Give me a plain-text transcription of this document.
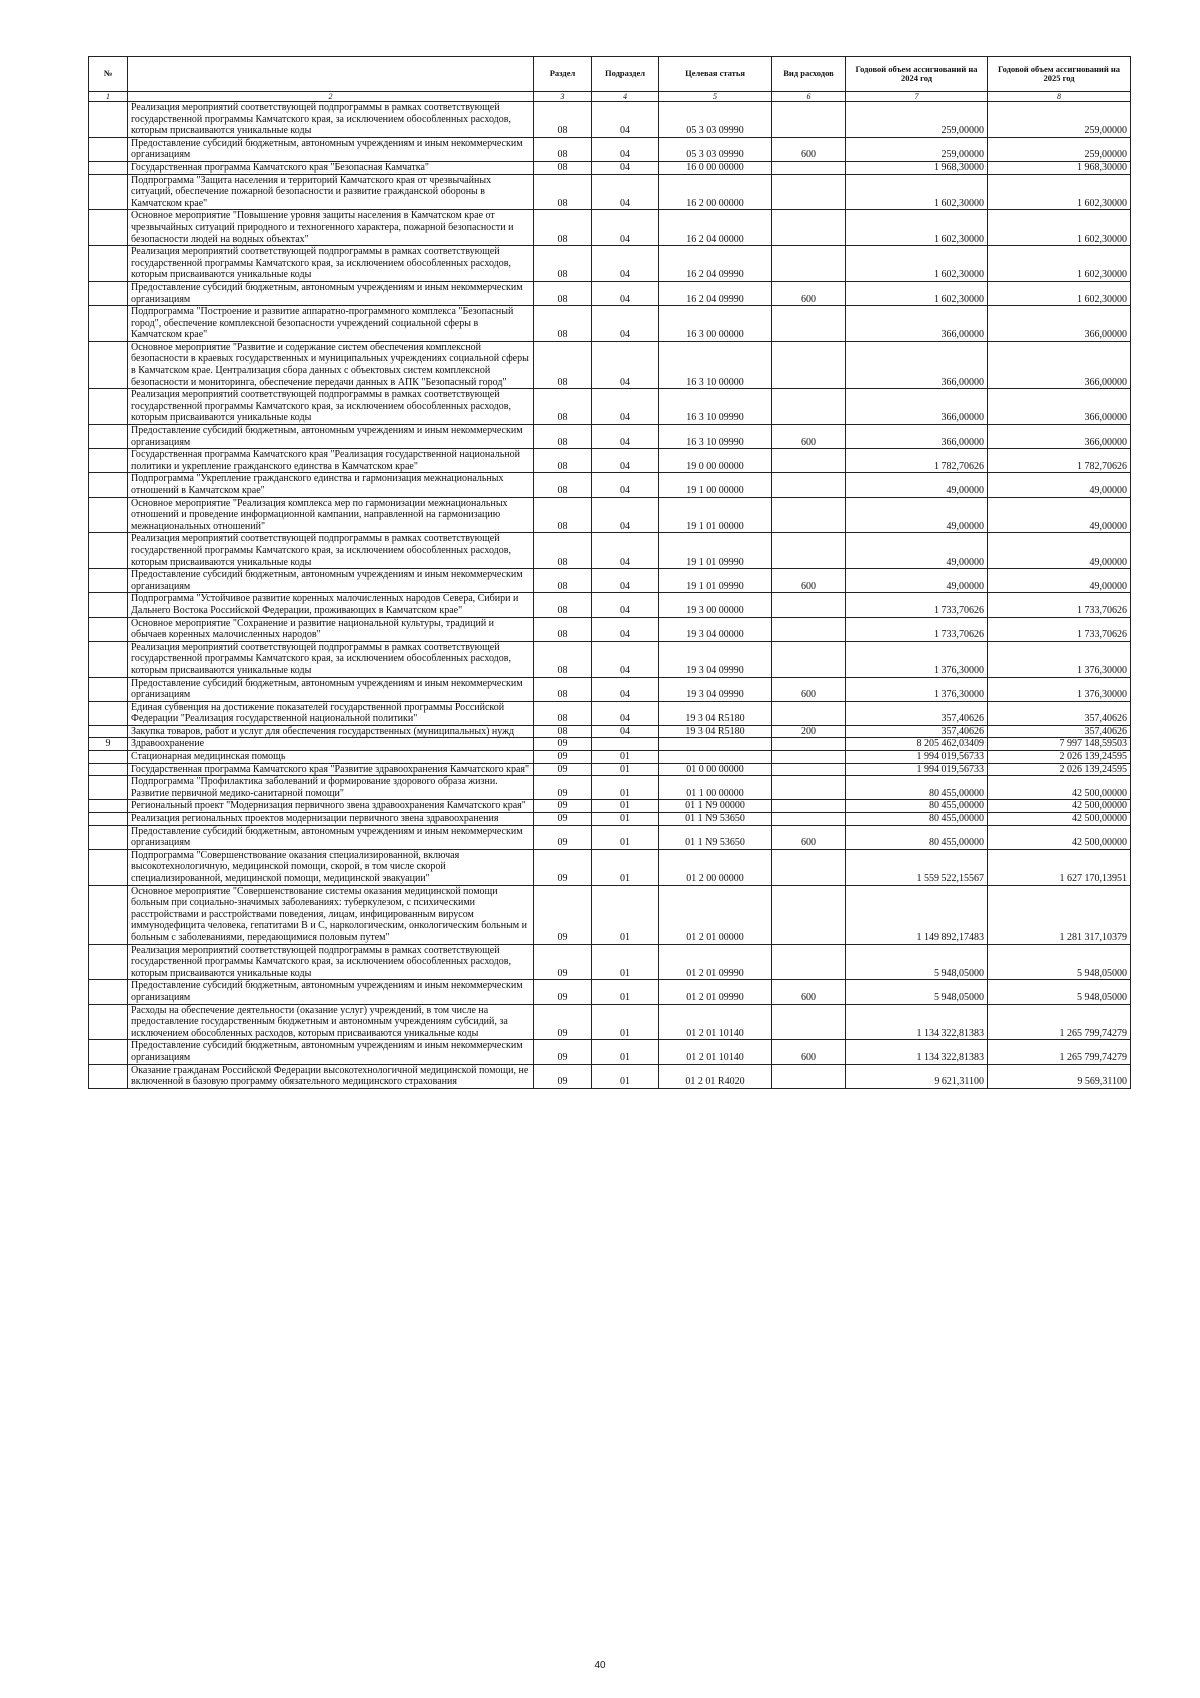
№		Раздел	Подраздел	Целевая статья	Вид расходов	Годовой объем ассигнований на 2024 год	Годовой объем ассигнований на 2025 год
1	2	3	4	5	6	7	8
	Реализация мероприятий соответствующей подпрограммы в рамках соответствующей государственной программы Камчатского края, за исключением обособленных расходов, которым присваиваются уникальные коды	08	04	05 3 03 09990		259,00000	259,00000
	Предоставление субсидий бюджетным, автономным учреждениям и иным некоммерческим организациям	08	04	05 3 03 09990	600	259,00000	259,00000
	Государственная программа Камчатского края "Безопасная Камчатка"	08	04	16 0 00 00000		1 968,30000	1 968,30000
	Подпрограмма "Защита населения и территорий Камчатского края от чрезвычайных ситуаций, обеспечение пожарной безопасности и развитие гражданской обороны в Камчатском крае"	08	04	16 2 00 00000		1 602,30000	1 602,30000
	Основное мероприятие "Повышение уровня защиты населения в Камчатском крае от чрезвычайных ситуаций природного и техногенного характера, пожарной безопасности и безопасности людей на водных объектах"	08	04	16 2 04 00000		1 602,30000	1 602,30000
	Реализация мероприятий соответствующей подпрограммы в рамках соответствующей государственной программы Камчатского края, за исключением обособленных расходов, которым присваиваются уникальные коды	08	04	16 2 04 09990		1 602,30000	1 602,30000
	Предоставление субсидий бюджетным, автономным учреждениям и иным некоммерческим организациям	08	04	16 2 04 09990	600	1 602,30000	1 602,30000
	Подпрограмма "Построение и развитие аппаратно-программного комплекса "Безопасный город", обеспечение комплексной безопасности учреждений социальной сферы в Камчатском крае"	08	04	16 3 00 00000		366,00000	366,00000
	Основное мероприятие "Развитие и содержание систем обеспечения комплексной безопасности в краевых государственных и муниципальных учреждениях социальной сферы в Камчатском крае. Централизация сбора данных с объектовых систем комплексной безопасности и мониторинга, обеспечение передачи данных в АПК "Безопасный город"	08	04	16 3 10 00000		366,00000	366,00000
	Реализация мероприятий соответствующей подпрограммы в рамках соответствующей государственной программы Камчатского края, за исключением обособленных расходов, которым присваиваются уникальные коды	08	04	16 3 10 09990		366,00000	366,00000
	Предоставление субсидий бюджетным, автономным учреждениям и иным некоммерческим организациям	08	04	16 3 10 09990	600	366,00000	366,00000
	Государственная программа Камчатского края "Реализация государственной национальной политики и укрепление гражданского единства в Камчатском крае"	08	04	19 0 00 00000		1 782,70626	1 782,70626
	Подпрограмма "Укрепление гражданского единства и гармонизация межнациональных отношений в Камчатском крае"	08	04	19 1 00 00000		49,00000	49,00000
	Основное мероприятие "Реализация комплекса мер по гармонизации межнациональных отношений и проведение информационной кампании, направленной на гармонизацию межнациональных отношений"	08	04	19 1 01 00000		49,00000	49,00000
	Реализация мероприятий соответствующей подпрограммы в рамках соответствующей государственной программы Камчатского края, за исключением обособленных расходов, которым присваиваются уникальные коды	08	04	19 1 01 09990		49,00000	49,00000
	Предоставление субсидий бюджетным, автономным учреждениям и иным некоммерческим организациям	08	04	19 1 01 09990	600	49,00000	49,00000
	Подпрограмма "Устойчивое развитие коренных малочисленных народов Севера, Сибири и Дальнего Востока Российской Федерации, проживающих в Камчатском крае"	08	04	19 3 00 00000		1 733,70626	1 733,70626
	Основное мероприятие "Сохранение и развитие национальной культуры, традиций и обычаев коренных малочисленных народов"	08	04	19 3 04 00000		1 733,70626	1 733,70626
	Реализация мероприятий соответствующей подпрограммы в рамках соответствующей государственной программы Камчатского края, за исключением обособленных расходов, которым присваиваются уникальные коды	08	04	19 3 04 09990		1 376,30000	1 376,30000
	Предоставление субсидий бюджетным, автономным учреждениям и иным некоммерческим организациям	08	04	19 3 04 09990	600	1 376,30000	1 376,30000
	Единая субвенция на достижение показателей государственной программы Российской Федерации "Реализация государственной национальной политики"	08	04	19 3 04 R5180		357,40626	357,40626
	Закупка товаров, работ и услуг для обеспечения государственных (муниципальных) нужд	08	04	19 3 04 R5180	200	357,40626	357,40626
9	Здравоохранение	09				8 205 462,03409	7 997 148,59503
	Стационарная медицинская помощь	09	01			1 994 019,56733	2 026 139,24595
	Государственная программа Камчатского края "Развитие здравоохранения Камчатского края"	09	01	01 0 00 00000		1 994 019,56733	2 026 139,24595
	Подпрограмма "Профилактика заболеваний и формирование здорового образа жизни. Развитие первичной медико-санитарной помощи"	09	01	01 1 00 00000		80 455,00000	42 500,00000
	Региональный проект "Модернизация первичного звена здравоохранения Камчатского края"	09	01	01 1 N9 00000		80 455,00000	42 500,00000
	Реализация региональных проектов модернизации первичного звена здравоохранения	09	01	01 1 N9 53650		80 455,00000	42 500,00000
	Предоставление субсидий бюджетным, автономным учреждениям и иным некоммерческим организациям	09	01	01 1 N9 53650	600	80 455,00000	42 500,00000
	Подпрограмма "Совершенствование оказания специализированной, включая высокотехнологичную, медицинской помощи, скорой, в том числе скорой специализированной, медицинской помощи, медицинской эвакуации"	09	01	01 2 00 00000		1 559 522,15567	1 627 170,13951
	Основное мероприятие "Совершенствование системы оказания медицинской помощи больным при социально-значимых заболеваниях: туберкулезом, с психическими расстройствами и расстройствами поведения, лицам, инфицированным вирусом иммунодефицита человека, гепатитами В и С, наркологическим, онкологическим больным и больным с заболеваниями, передающимися половым путем"	09	01	01 2 01 00000		1 149 892,17483	1 281 317,10379
	Реализация мероприятий соответствующей подпрограммы в рамках соответствующей государственной программы Камчатского края, за исключением обособленных расходов, которым присваиваются уникальные коды	09	01	01 2 01 09990		5 948,05000	5 948,05000
	Предоставление субсидий бюджетным, автономным учреждениям и иным некоммерческим организациям	09	01	01 2 01 09990	600	5 948,05000	5 948,05000
	Расходы на обеспечение деятельности (оказание услуг) учреждений, в том числе на предоставление государственным бюджетным и автономным учреждениям субсидий, за исключением обособленных расходов, которым присваиваются уникальные коды	09	01	01 2 01 10140		1 134 322,81383	1 265 799,74279
	Предоставление субсидий бюджетным, автономным учреждениям и иным некоммерческим организациям	09	01	01 2 01 10140	600	1 134 322,81383	1 265 799,74279
	Оказание гражданам Российской Федерации высокотехнологичной медицинской помощи, не включенной в базовую программу обязательного медицинского страхования	09	01	01 2 01 R4020		9 621,31100	9 569,31100
40
